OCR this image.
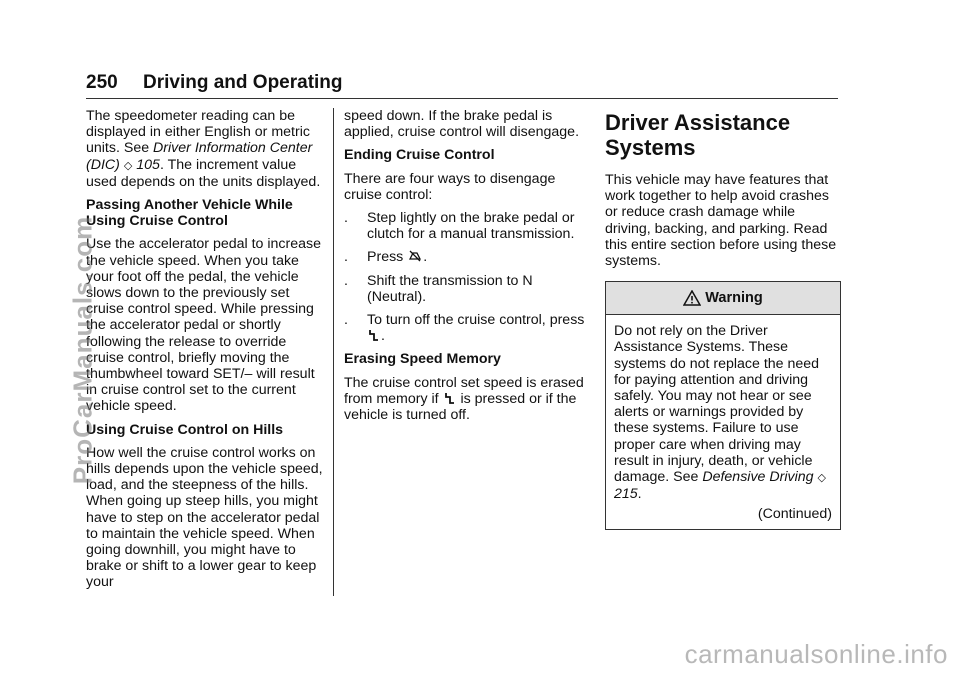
250 Driving and Operating

The speedometer reading can be displayed in either English or metric units. See Driver Information Center (DIC) ◇ 105. The increment value used depends on the units displayed.

Passing Another Vehicle While Using Cruise Control

Use the accelerator pedal to increase the vehicle speed. When you take your foot off the pedal, the vehicle slows down to the previously set cruise control speed. While pressing the accelerator pedal or shortly following the release to override cruise control, briefly moving the thumbwheel toward SET/– will result in cruise control set to the current vehicle speed.

Using Cruise Control on Hills

How well the cruise control works on hills depends upon the vehicle speed, load, and the steepness of the hills. When going up steep hills, you might have to step on the accelerator pedal to maintain the vehicle speed. When going downhill, you might have to brake or shift to a lower gear to keep your

speed down. If the brake pedal is applied, cruise control will disengage.

Ending Cruise Control

There are four ways to disengage cruise control:

. Step lightly on the brake pedal or clutch for a manual transmission.
. Press .
. Shift the transmission to N (Neutral).
. To turn off the cruise control, press .
Erasing Speed Memory

The cruise control set speed is erased from memory if  is pressed or if the vehicle is turned off.

Driver Assistance Systems

This vehicle may have features that work together to help avoid crashes or reduce crash damage while driving, backing, and parking. Read this entire section before using these systems.

Warning
Do not rely on the Driver Assistance Systems. These systems do not replace the need for paying attention and driving safely. You may not hear or see alerts or warnings provided by these systems. Failure to use proper care when driving may result in injury, death, or vehicle damage. See Defensive Driving ◇ 215.
(Continued)
ProCarManuals.com
carmanualsonline.info
